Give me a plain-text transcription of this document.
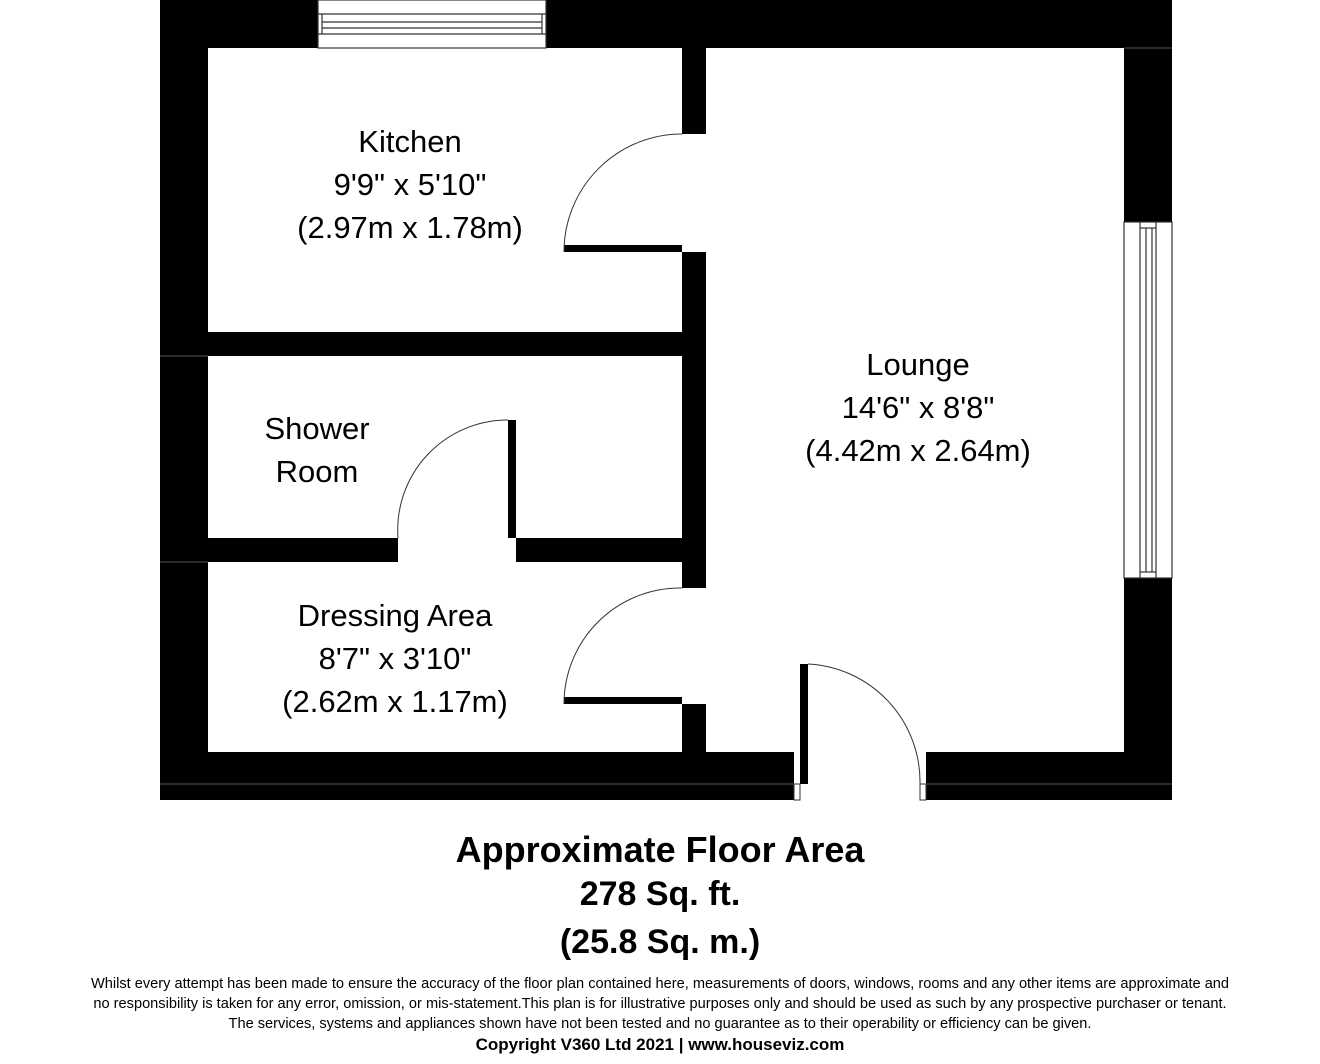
Kitchen
9'9" x 5'10"
(2.97m x 1.78m)
Lounge
14'6" x 8'8"
(4.42m x 2.64m)
Shower
Room
Dressing Area
8'7" x 3'10"
(2.62m x 1.17m)
Approximate Floor Area
278 Sq. ft.
(25.8 Sq. m.)
Whilst every attempt has been made to ensure the accuracy of the floor plan contained here, measurements of doors, windows, rooms and any other items are approximate and
no responsibility is taken for any error, omission, or mis-statement.This plan is for illustrative purposes only and should be used as such by any prospective purchaser or tenant.
The services, systems and appliances shown have not been tested and no guarantee as to their operability or efficiency can be given.
Copyright V360 Ltd 2021 | www.houseviz.com
